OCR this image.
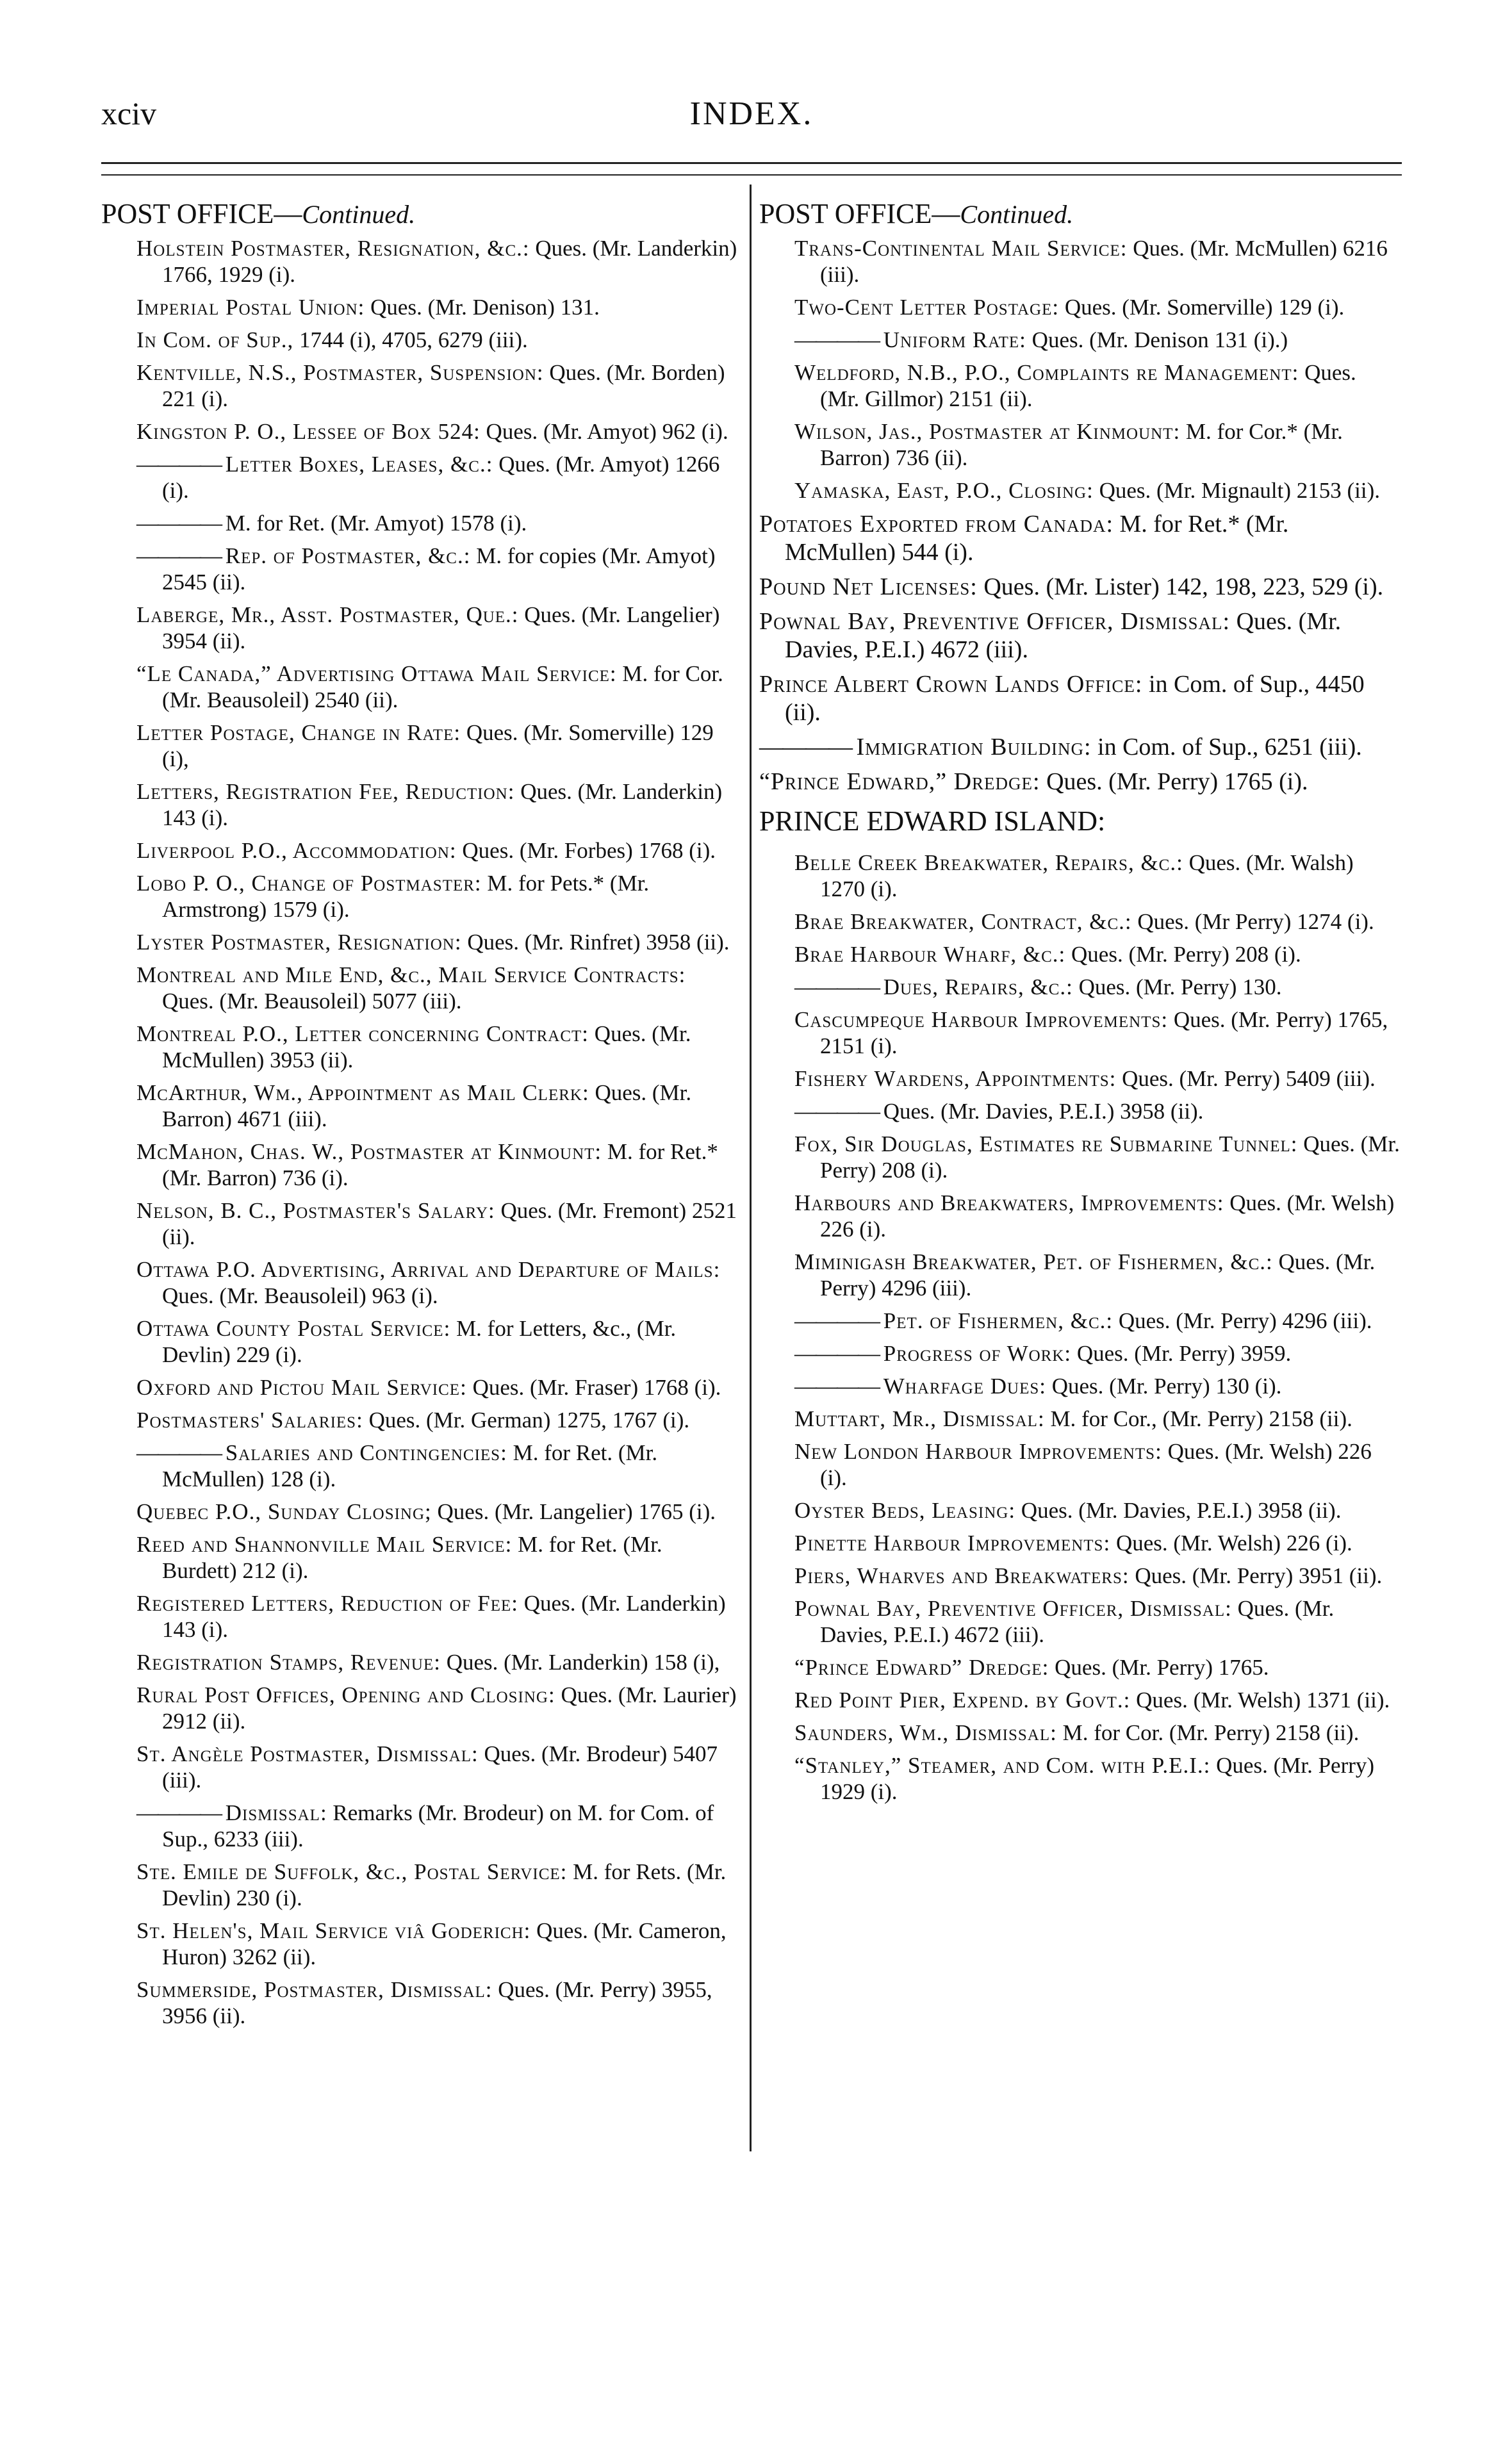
xciv	INDEX.
POST OFFICE—Continued.
Holstein Postmaster, Resignation, &c.: Ques. (Mr. Landerkin) 1766, 1929 (i).
Imperial Postal Union: Ques. (Mr. Denison) 131.
In Com. of Sup., 1744 (i), 4705, 6279 (iii).
Kentville, N.S., Postmaster, Suspension: Ques. (Mr. Borden) 221 (i).
Kingston P. O., Lessee of Box 524: Ques. (Mr. Amyot) 962 (i).
———— Letter Boxes, Leases, &c.: Ques. (Mr. Amyot) 1266 (i).
———— M. for Ret. (Mr. Amyot) 1578 (i).
———— Rep. of Postmaster, &c.: M. for copies (Mr. Amyot) 2545 (ii).
Laberge, Mr., Asst. Postmaster, Que.: Ques. (Mr. Langelier) 3954 (ii).
“Le Canada,” Advertising Ottawa Mail Service: M. for Cor. (Mr. Beausoleil) 2540 (ii).
Letter Postage, Change in Rate: Ques. (Mr. Somerville) 129 (i),
Letters, Registration Fee, Reduction: Ques. (Mr. Landerkin) 143 (i).
Liverpool P.O., Accommodation: Ques. (Mr. Forbes) 1768 (i).
Lobo P. O., Change of Postmaster: M. for Pets.* (Mr. Armstrong) 1579 (i).
Lyster Postmaster, Resignation: Ques. (Mr. Rinfret) 3958 (ii).
Montreal and Mile End, &c., Mail Service Contracts: Ques. (Mr. Beausoleil) 5077 (iii).
Montreal P.O., Letter concerning Contract: Ques. (Mr. McMullen) 3953 (ii).
McArthur, Wm., Appointment as Mail Clerk: Ques. (Mr. Barron) 4671 (iii).
McMahon, Chas. W., Postmaster at Kinmount: M. for Ret.* (Mr. Barron) 736 (i).
Nelson, B. C., Postmaster's Salary: Ques. (Mr. Fremont) 2521 (ii).
Ottawa P.O. Advertising, Arrival and Departure of Mails: Ques. (Mr. Beausoleil) 963 (i).
Ottawa County Postal Service: M. for Letters, &c., (Mr. Devlin) 229 (i).
Oxford and Pictou Mail Service: Ques. (Mr. Fraser) 1768 (i).
Postmasters' Salaries: Ques. (Mr. German) 1275, 1767 (i).
———— Salaries and Contingencies: M. for Ret. (Mr. McMullen) 128 (i).
Quebec P.O., Sunday Closing; Ques. (Mr. Langelier) 1765 (i).
Reed and Shannonville Mail Service: M. for Ret. (Mr. Burdett) 212 (i).
Registered Letters, Reduction of Fee: Ques. (Mr. Landerkin) 143 (i).
Registration Stamps, Revenue: Ques. (Mr. Landerkin) 158 (i),
Rural Post Offices, Opening and Closing: Ques. (Mr. Laurier) 2912 (ii).
St. Angèle Postmaster, Dismissal: Ques. (Mr. Brodeur) 5407 (iii).
———— Dismissal: Remarks (Mr. Brodeur) on M. for Com. of Sup., 6233 (iii).
Ste. Emile de Suffolk, &c., Postal Service: M. for Rets. (Mr. Devlin) 230 (i).
St. Helen's, Mail Service viâ Goderich: Ques. (Mr. Cameron, Huron) 3262 (ii).
Summerside, Postmaster, Dismissal: Ques. (Mr. Perry) 3955, 3956 (ii).
POST OFFICE—Continued.
Trans-Continental Mail Service: Ques. (Mr. McMullen) 6216 (iii).
Two-Cent Letter Postage: Ques. (Mr. Somerville) 129 (i).
———— Uniform Rate: Ques. (Mr. Denison 131 (i).)
Weldford, N.B., P.O., Complaints re Management: Ques. (Mr. Gillmor) 2151 (ii).
Wilson, Jas., Postmaster at Kinmount: M. for Cor.* (Mr. Barron) 736 (ii).
Yamaska, East, P.O., Closing: Ques. (Mr. Mignault) 2153 (ii).
Potatoes Exported from Canada: M. for Ret.* (Mr. McMullen) 544 (i).
Pound Net Licenses: Ques. (Mr. Lister) 142, 198, 223, 529 (i).
Pownal Bay, Preventive Officer, Dismissal: Ques. (Mr. Davies, P.E.I.) 4672 (iii).
Prince Albert Crown Lands Office: in Com. of Sup., 4450 (ii).
———— Immigration Building: in Com. of Sup., 6251 (iii).
“Prince Edward,” Dredge: Ques. (Mr. Perry) 1765 (i).
PRINCE EDWARD ISLAND:
Belle Creek Breakwater, Repairs, &c.: Ques. (Mr. Walsh) 1270 (i).
Brae Breakwater, Contract, &c.: Ques. (Mr Perry) 1274 (i).
Brae Harbour Wharf, &c.: Ques. (Mr. Perry) 208 (i).
———— Dues, Repairs, &c.: Ques. (Mr. Perry) 130.
Cascumpeque Harbour Improvements: Ques. (Mr. Perry) 1765, 2151 (i).
Fishery Wardens, Appointments: Ques. (Mr. Perry) 5409 (iii).
———— Ques. (Mr. Davies, P.E.I.) 3958 (ii).
Fox, Sir Douglas, Estimates re Submarine Tunnel: Ques. (Mr. Perry) 208 (i).
Harbours and Breakwaters, Improvements: Ques. (Mr. Welsh) 226 (i).
Miminigash Breakwater, Pet. of Fishermen, &c.: Ques. (Mr. Perry) 4296 (iii).
———— Pet. of Fishermen, &c.: Ques. (Mr. Perry) 4296 (iii).
———— Progress of Work: Ques. (Mr. Perry) 3959.
———— Wharfage Dues: Ques. (Mr. Perry) 130 (i).
Muttart, Mr., Dismissal: M. for Cor., (Mr. Perry) 2158 (ii).
New London Harbour Improvements: Ques. (Mr. Welsh) 226 (i).
Oyster Beds, Leasing: Ques. (Mr. Davies, P.E.I.) 3958 (ii).
Pinette Harbour Improvements: Ques. (Mr. Welsh) 226 (i).
Piers, Wharves and Breakwaters: Ques. (Mr. Perry) 3951 (ii).
Pownal Bay, Preventive Officer, Dismissal: Ques. (Mr. Davies, P.E.I.) 4672 (iii).
“Prince Edward” Dredge: Ques. (Mr. Perry) 1765.
Red Point Pier, Expend. by Govt.: Ques. (Mr. Welsh) 1371 (ii).
Saunders, Wm., Dismissal: M. for Cor. (Mr. Perry) 2158 (ii).
“Stanley,” Steamer, and Com. with P.E.I.: Ques. (Mr. Perry) 1929 (i).
